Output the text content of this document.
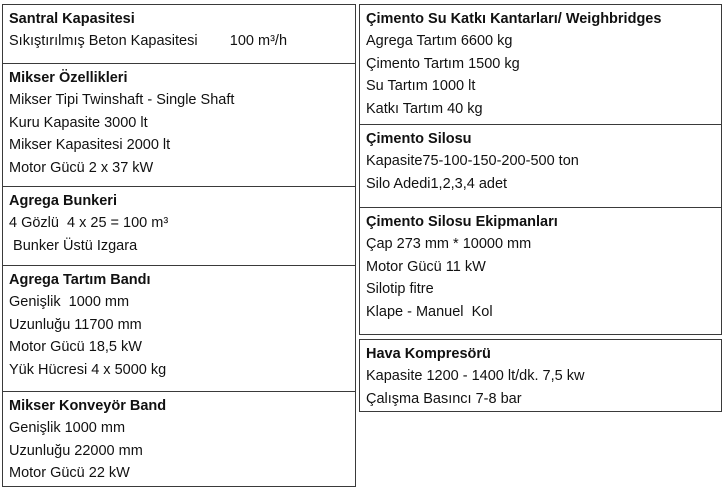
Santral Kapasitesi
Sıkıştırılmış Beton Kapasitesi        100 m³/h
Mikser Özellikleri
Mikser Tipi Twinshaft - Single Shaft
Kuru Kapasite 3000 lt
Mikser Kapasitesi 2000 lt
Motor Gücü 2 x 37 kW
Agrega Bunkeri
4 Gözlü  4 x 25 = 100 m³
Bunker Üstü Izgara
Agrega Tartım Bandı
Genişlik  1000 mm
Uzunluğu 11700 mm
Motor Gücü 18,5 kW
Yük Hücresi 4 x 5000 kg
Mikser Konveyör Band
Genişlik 1000 mm
Uzunluğu 22000 mm
Motor Gücü 22 kW
Çimento Su Katkı Kantarları/ Weighbridges
Agrega Tartım 6600 kg
Çimento Tartım 1500 kg
Su Tartım 1000 lt
Katkı Tartım 40 kg
Çimento Silosu
Kapasite75-100-150-200-500 ton
Silo Adedi1,2,3,4 adet
Çimento Silosu Ekipmanları
Çap 273 mm * 10000 mm
Motor Gücü 11 kW
Silotip fitre
Klape - Manuel  Kol
Hava Kompresörü
Kapasite 1200 - 1400 lt/dk. 7,5 kw
Çalışma Basıncı 7-8 bar
